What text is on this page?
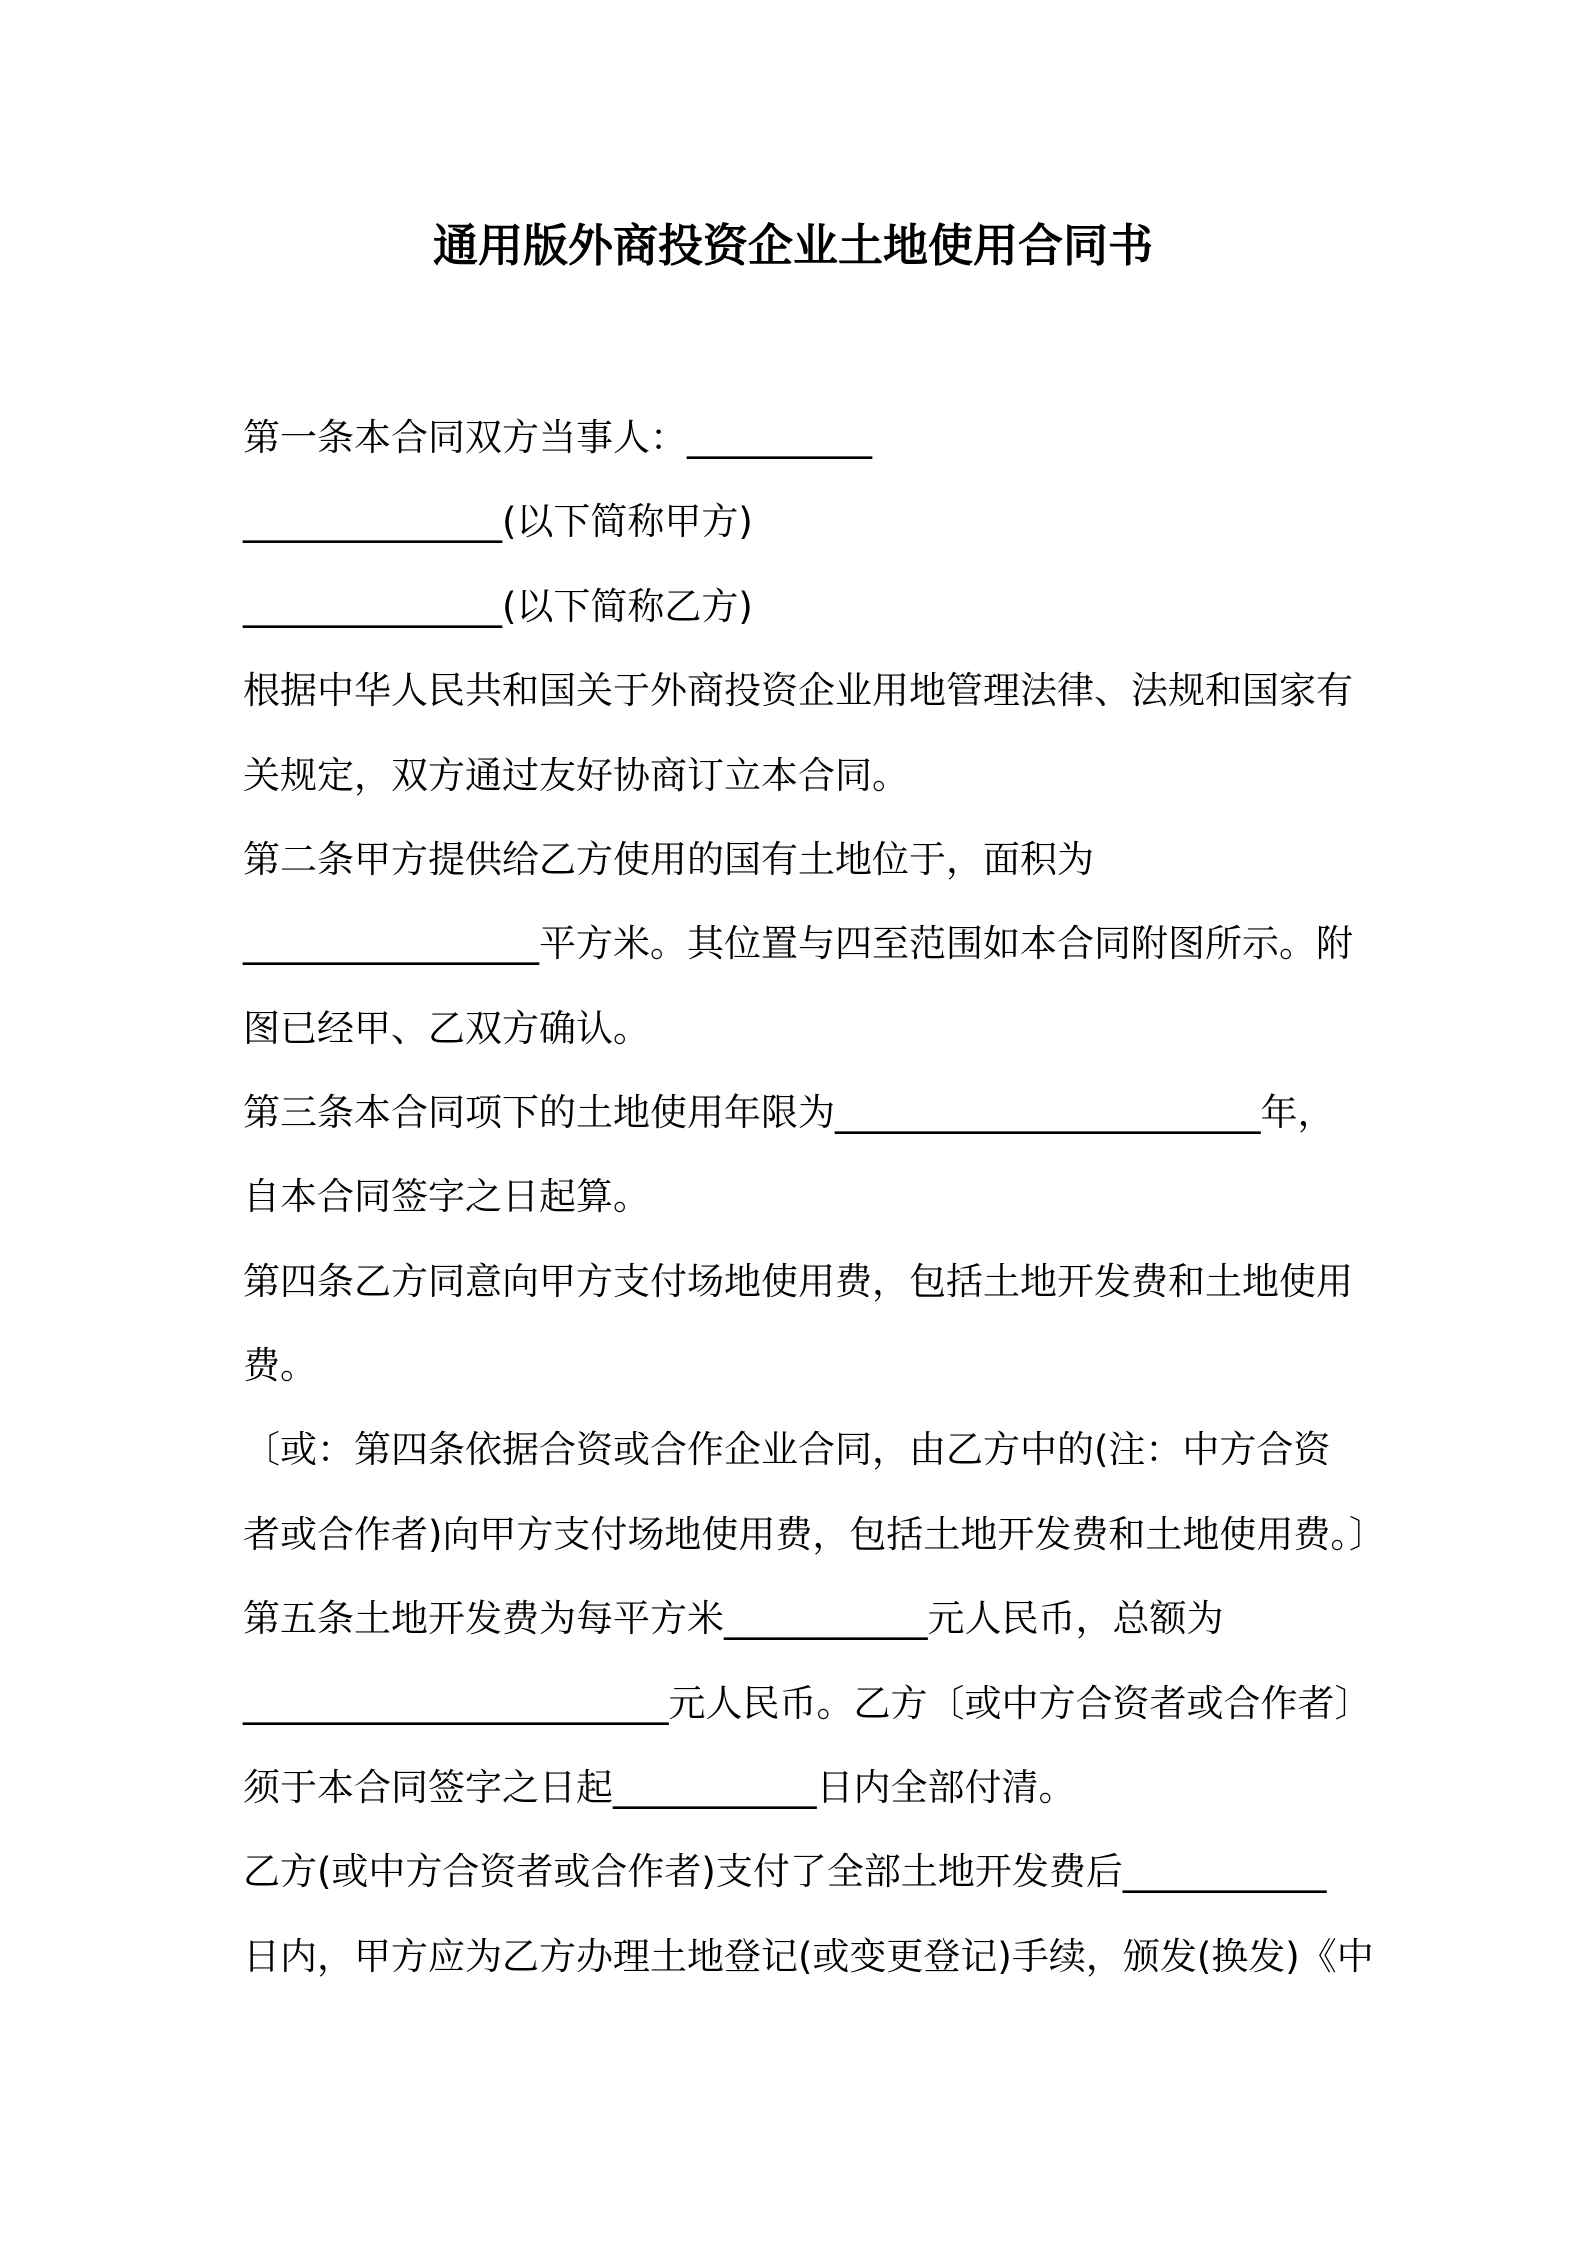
通用版外商投资企业土地使用合同书
第一条本合同双方当事人：__________
______________(以下简称甲方)
______________(以下简称乙方)
根据中华人民共和国关于外商投资企业用地管理法律、法规和国家有
关规定，双方通过友好协商订立本合同。
第二条甲方提供给乙方使用的国有土地位于，面积为
________________平方米。其位置与四至范围如本合同附图所示。附
图已经甲、乙双方确认。
第三条本合同项下的土地使用年限为_______________________年，
自本合同签字之日起算。
第四条乙方同意向甲方支付场地使用费，包括土地开发费和土地使用
费。
〔或：第四条依据合资或合作企业合同，由乙方中的(注：中方合资
者或合作者)向甲方支付场地使用费，包括土地开发费和土地使用费。〕
第五条土地开发费为每平方米___________元人民币，总额为
_______________________元人民币。乙方〔或中方合资者或合作者〕
须于本合同签字之日起___________日内全部付清。
乙方(或中方合资者或合作者)支付了全部土地开发费后___________
日内，甲方应为乙方办理土地登记(或变更登记)手续，颁发(换发)《中
